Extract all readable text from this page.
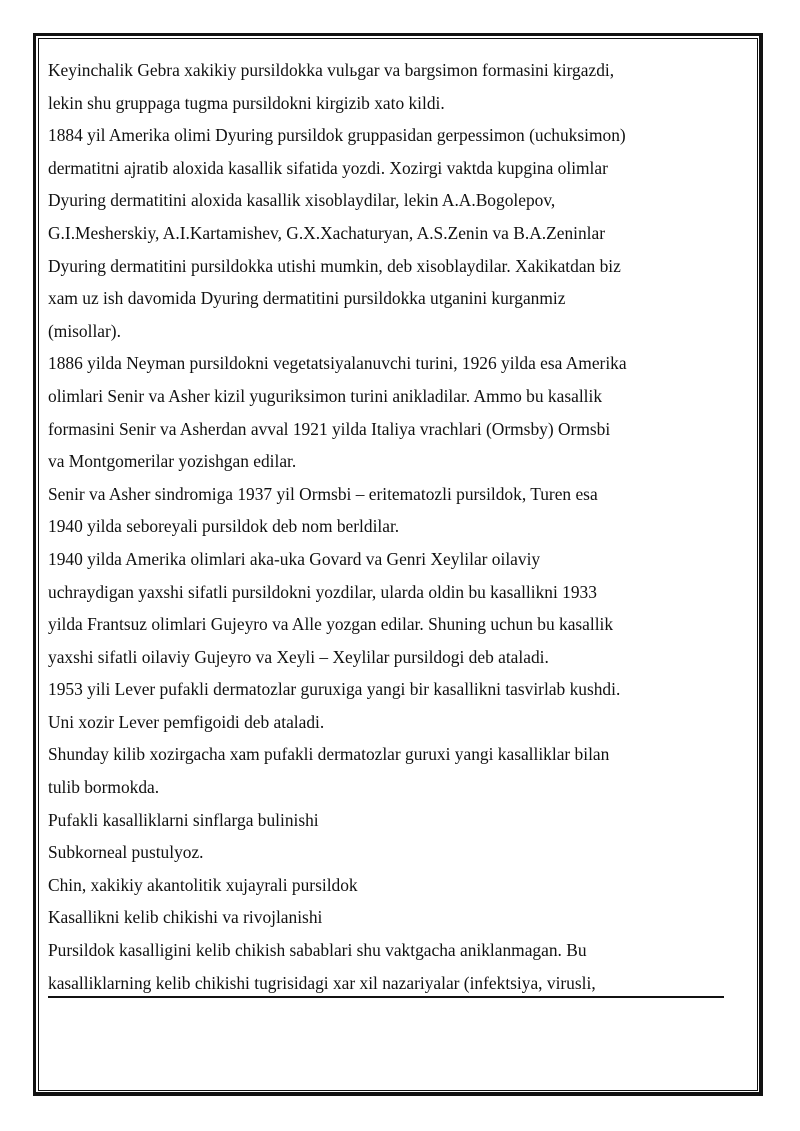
Keyinchalik Gebra xakikiy pursildokka vulьgar va bargsimon formasini kirgazdi,
lekin shu gruppaga tugma pursildokni kirgizib xato kildi.
1884 yil Amerika olimi Dyuring pursildok gruppasidan gerpessimon (uchuksimon)
dermatitni ajratib aloxida kasallik sifatida yozdi. Xozirgi vaktda kupgina olimlar
Dyuring dermatitini aloxida kasallik xisoblaydilar, lekin A.A.Bogolepov,
G.I.Mesherskiy, A.I.Kartamishev, G.X.Xachaturyan, A.S.Zenin va B.A.Zeninlar
Dyuring dermatitini pursildokka utishi mumkin, deb xisoblaydilar. Xakikatdan biz
xam uz ish davomida Dyuring dermatitini pursildokka utganini kurganmiz
(misollar).
1886 yilda Neyman pursildokni vegetatsiyalanuvchi turini, 1926 yilda esa Amerika
olimlari Senir va Asher kizil yuguriksimon turini anikladilar. Ammo bu kasallik
formasini Senir va Asherdan avval 1921 yilda Italiya vrachlari (Ormsby) Ormsbi
va Montgomerilar yozishgan edilar.
Senir va Asher sindromiga 1937 yil Ormsbi – eritematozli pursildok, Turen esa
1940 yilda seboreyali pursildok deb nom berldilar.
1940 yilda Amerika olimlari aka-uka Govard va Genri Xeylilar oilaviy
uchraydigan yaxshi sifatli pursildokni yozdilar, ularda oldin bu kasallikni 1933
yilda Frantsuz olimlari Gujeyro va Alle yozgan edilar. Shuning uchun bu kasallik
yaxshi sifatli oilaviy Gujeyro va Xeyli – Xeylilar pursildogi deb ataladi.
1953 yili Lever pufakli dermatozlar guruxiga yangi bir kasallikni tasvirlab kushdi.
Uni xozir Lever pemfigoidi deb ataladi.
Shunday kilib xozirgacha xam pufakli dermatozlar guruxi yangi kasalliklar bilan
tulib bormokda.
Pufakli kasalliklarni sinflarga bulinishi
Subkorneal pustulyoz.
Chin, xakikiy akantolitik xujayrali pursildok
Kasallikni kelib chikishi va rivojlanishi
Pursildok kasalligini kelib chikish sabablari shu vaktgacha aniklanmagan. Bu
kasalliklarning kelib chikishi tugrisidagi xar xil nazariyalar (infektsiya, virusli,
